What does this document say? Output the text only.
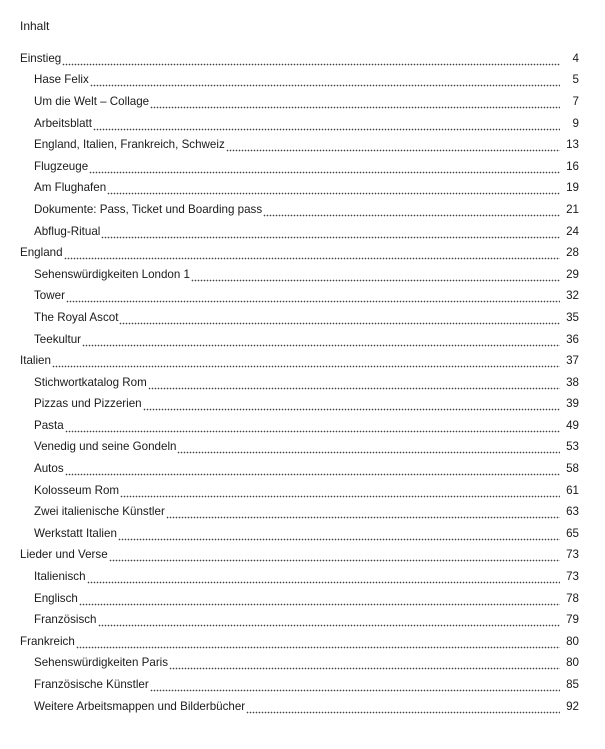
Inhalt
Einstieg	4
Hase Felix	5
Um die Welt – Collage	7
Arbeitsblatt	9
England, Italien, Frankreich, Schweiz	13
Flugzeuge	16
Am Flughafen	19
Dokumente: Pass, Ticket und Boarding pass	21
Abflug-Ritual	24
England	28
Sehenswürdigkeiten London 1	29
Tower	32
The Royal Ascot	35
Teekultur	36
Italien	37
Stichwortkatalog Rom	38
Pizzas und Pizzerien	39
Pasta	49
Venedig und seine Gondeln	53
Autos	58
Kolosseum Rom	61
Zwei italienische Künstler	63
Werkstatt Italien	65
Lieder und Verse	73
Italienisch	73
Englisch	78
Französisch	79
Frankreich	80
Sehenswürdigkeiten Paris	80
Französische Künstler	85
Weitere Arbeitsmappen und Bilderbücher	92
